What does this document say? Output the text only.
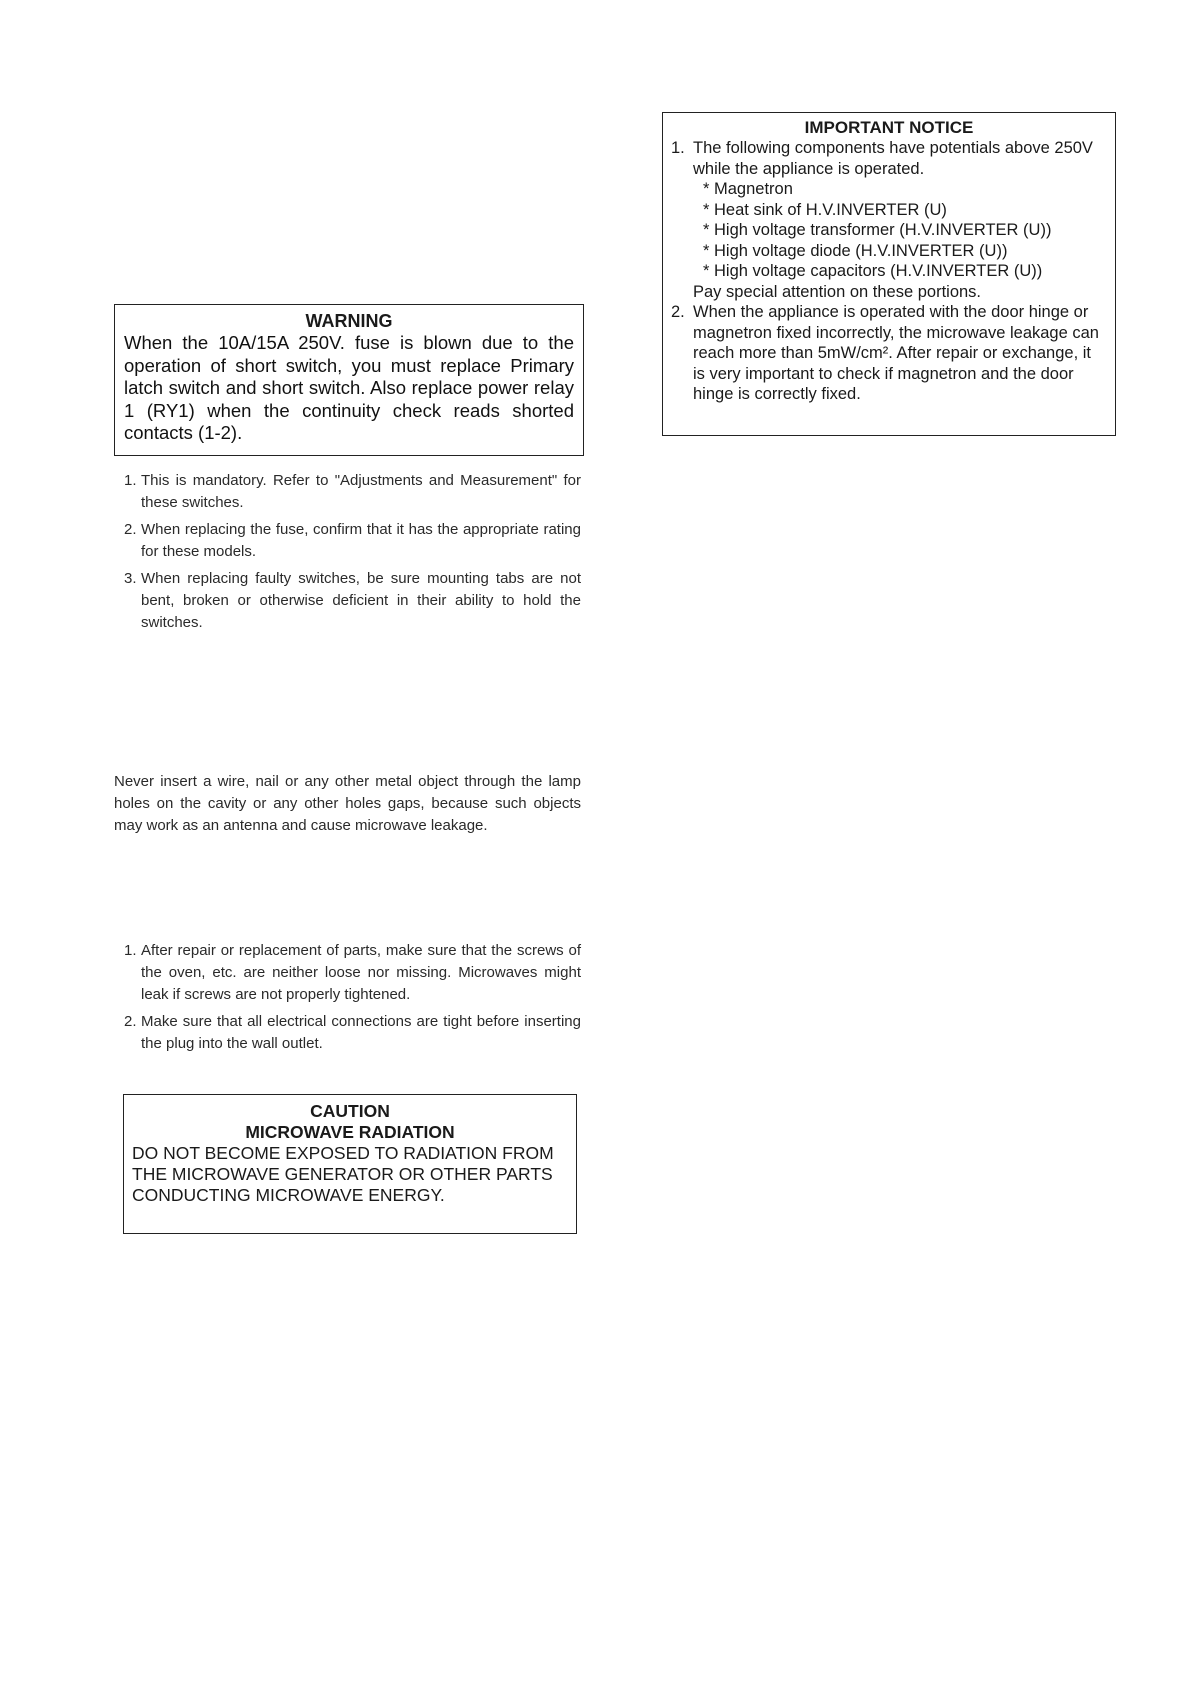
WARNING
When the 10A/15A 250V. fuse is blown due to the operation of short switch, you must replace Primary latch switch and short switch. Also replace power relay 1 (RY1) when the continuity check reads shorted contacts (1-2).
1. This is mandatory. Refer to "Adjustments and Measurement" for these switches.
2. When replacing the fuse, confirm that it has the appropriate rating for these models.
3. When replacing faulty switches, be sure mounting tabs are not bent, broken or otherwise deficient in their ability to hold the switches.

Never insert a wire, nail or any other metal object through the lamp holes on the cavity or any other holes gaps, because such objects may work as an antenna and cause microwave leakage.

1. After repair or replacement of parts, make sure that the screws of the oven, etc. are neither loose nor missing. Microwaves might leak if screws are not properly tightened.
2. Make sure that all electrical connections are tight before inserting the plug into the wall outlet.
CAUTION
MICROWAVE RADIATION
DO NOT BECOME EXPOSED TO RADIATION FROM THE MICROWAVE GENERATOR OR OTHER PARTS CONDUCTING MICROWAVE ENERGY.
IMPORTANT NOTICE
1. The following components have potentials above 250V while the appliance is operated.
* Magnetron
* Heat sink of H.V.INVERTER (U)
* High voltage transformer (H.V.INVERTER (U))
* High voltage diode (H.V.INVERTER (U))
* High voltage capacitors (H.V.INVERTER (U))
Pay special attention on these portions.
2. When the appliance is operated with the door hinge or magnetron fixed incorrectly, the microwave leakage can reach more than 5mW/cm². After repair or exchange, it is very important to check if magnetron and the door hinge is correctly fixed.
